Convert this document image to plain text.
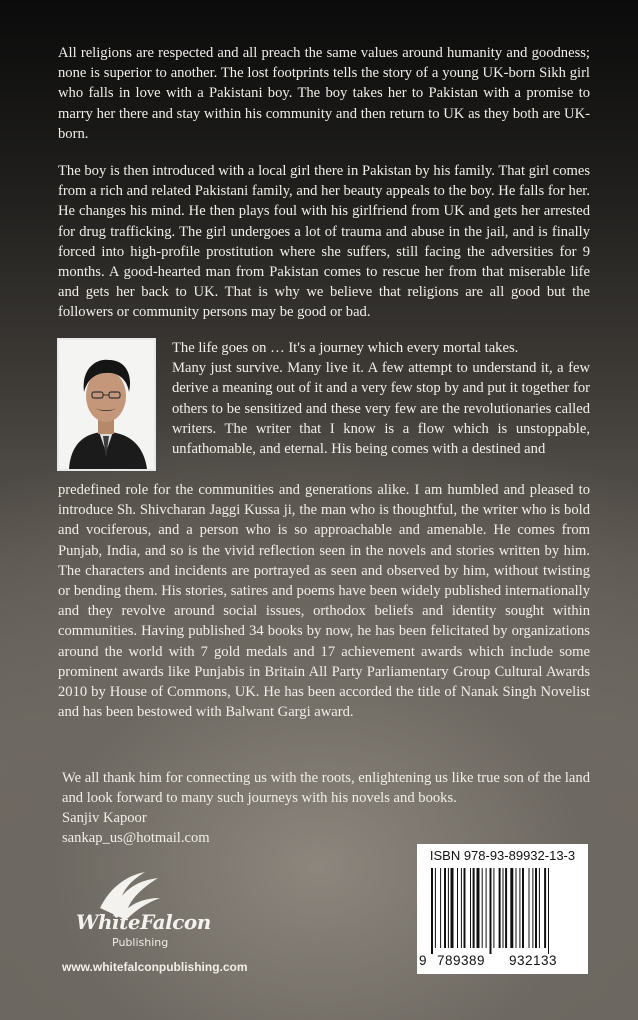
All religions are respected and all preach the same values around humanity and goodness; none is superior to another. The lost footprints tells the story of a young UK-born Sikh girl who falls in love with a Pakistani boy. The boy takes her to Pakistan with a promise to marry her there and stay within his community and then return to UK as they both are UK-born.

The boy is then introduced with a local girl there in Pakistan by his family. That girl comes from a rich and related Pakistani family, and her beauty appeals to the boy. He falls for her. He changes his mind. He then plays foul with his girlfriend from UK and gets her arrested for drug trafficking. The girl undergoes a lot of trauma and abuse in the jail, and is finally forced into high-profile prostitution where she suffers, still facing the adversities for 9 months. A good-hearted man from Pakistan comes to rescue her from that miserable life and gets her back to UK. That is why we believe that religions are all good but the followers or community persons may be good or bad.

The life goes on … It's a journey which every mortal takes.
Many just survive. Many live it. A few attempt to understand it, a few derive a meaning out of it and a very few stop by and put it together for others to be sensitized and these very few are the revolutionaries called writers. The writer that I know is a flow which is unstoppable, unfathomable, and eternal. His being comes with a destined and

predefined role for the communities and generations alike. I am humbled and pleased to introduce Sh. Shivcharan Jaggi Kussa ji, the man who is thoughtful, the writer who is bold and vociferous, and a person who is so approachable and amenable. He comes from Punjab, India, and so is the vivid reflection seen in the novels and stories written by him. The characters and incidents are portrayed as seen and observed by him, without twisting or bending them. His stories, satires and poems have been widely published internationally and they revolve around social issues, orthodox beliefs and identity sought within communities. Having published 34 books by now, he has been felicitated by organizations around the world with 7 gold medals and 17 achievement awards which include some prominent awards like Punjabis in Britain All Party Parliamentary Group Cultural Awards 2010 by House of Commons, UK. He has been accorded the title of Nanak Singh Novelist and has been bestowed with Balwant Gargi award.

We all thank him for connecting us with the roots, enlightening us like true son of the land and look forward to many such journeys with his novels and books.

Sanjiv Kapoor

sankap_us@hotmail.com

WhiteFalcon
Publishing
www.whitefalconpublishing.com
ISBN 978-93-89932-13-3
9 789389 932133
